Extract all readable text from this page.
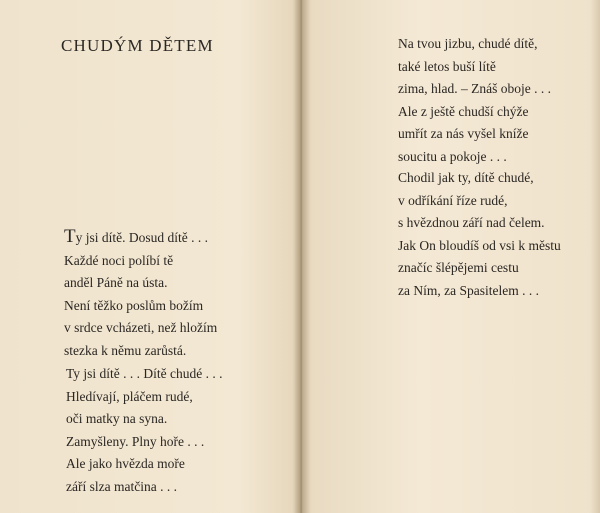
CHUDÝM DĚTEM
Ty jsi dítě. Dosud dítě . . .
Každé noci políbí tě
anděl Páně na ústa.
Není těžko poslům božím
v srdce vcházeti, než hložím
stezka k němu zarůstá.
Ty jsi dítě . . . Dítě chudé . . .
Hledívají, pláčem rudé,
oči matky na syna.
Zamyšleny. Plny hoře . . .
Ale jako hvězda moře
září slza matčina . . .
Na tvou jizbu, chudé dítě,
také letos buší lítě
zima, hlad. – Znáš oboje . . .
Ale z ještě chudší chýže
umřít za nás vyšel kníže
soucitu a pokoje . . .
Chodil jak ty, dítě chudé,
v odříkání říze rudé,
s hvězdnou září nad čelem.
Jak On bloudíš od vsi k městu
značíc šlépějemi cestu
za Ním, za Spasitelem . . .
